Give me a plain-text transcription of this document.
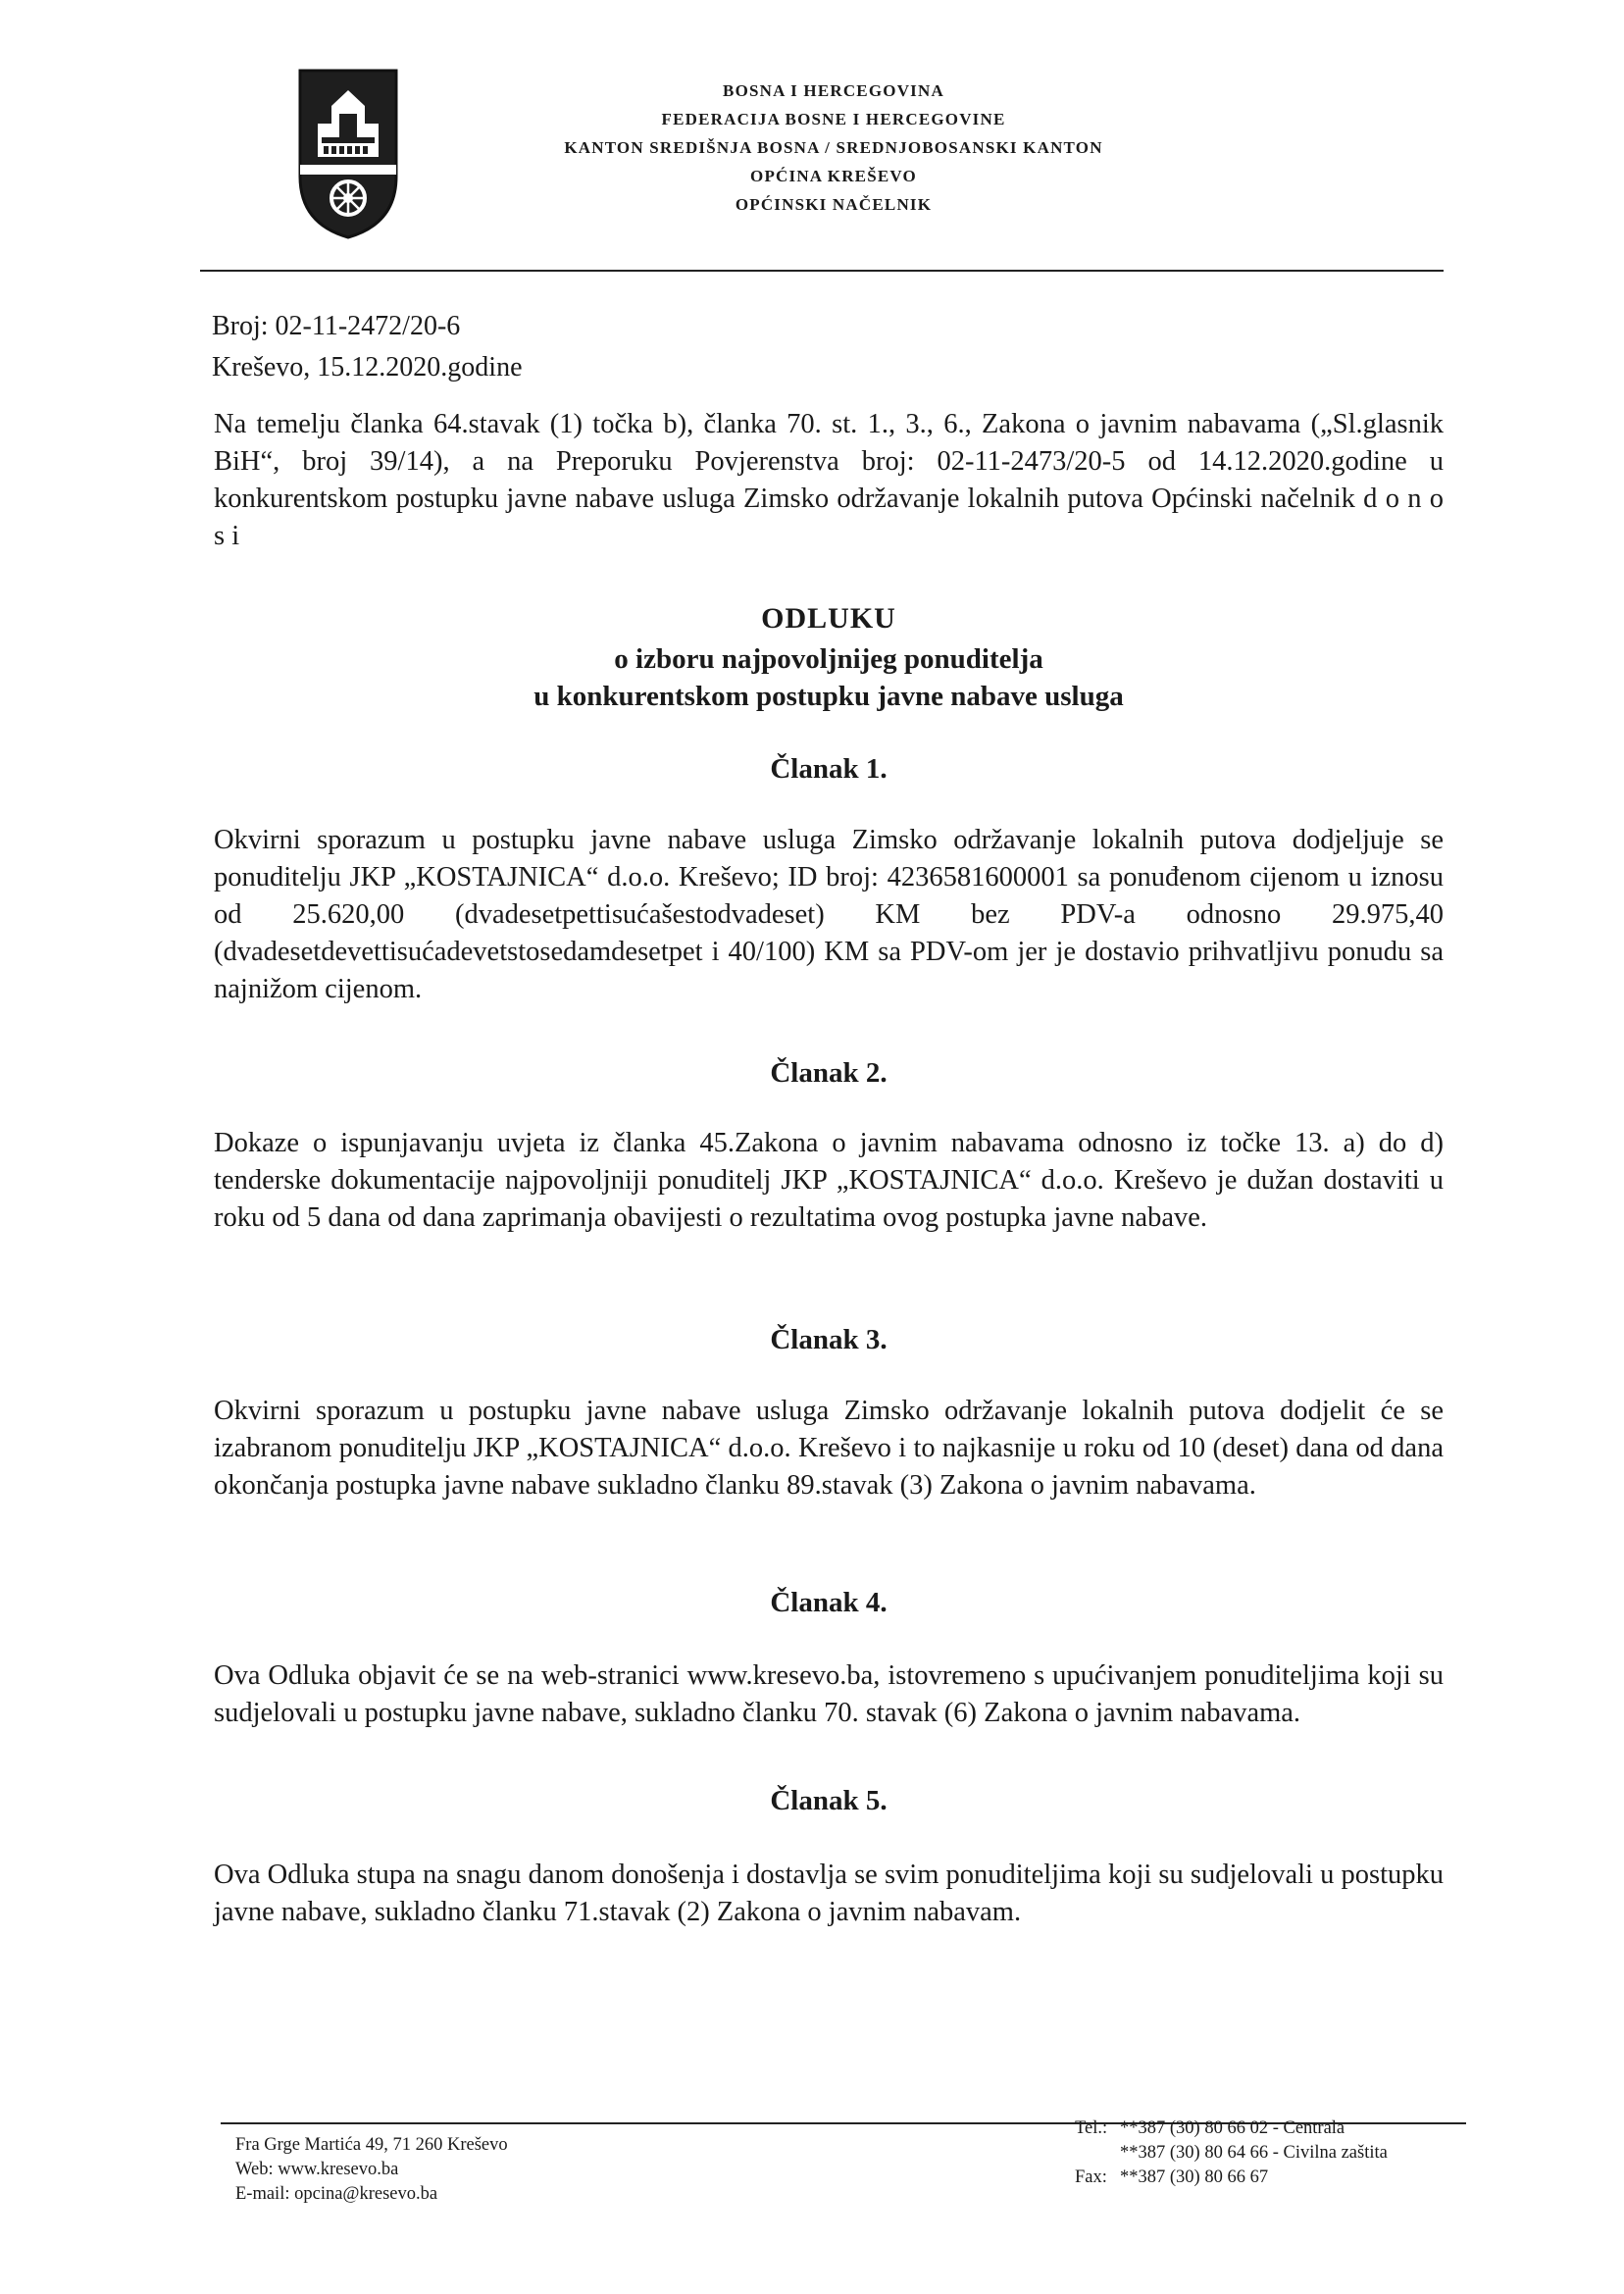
BOSNA I HERCEGOVINA
FEDERACIJA BOSNE I HERCEGOVINE
KANTON SREDIŠNJA BOSNA / SREDNJOBOSANSKI KANTON
OPĆINA KREŠEVO
OPĆINSKI NAČELNIK
Broj: 02-11-2472/20-6
Kreševo, 15.12.2020.godine

Na temelju članka 64.stavak (1) točka b), članka 70. st. 1., 3., 6., Zakona o javnim nabavama („Sl.glasnik BiH“, broj 39/14), a na Preporuku Povjerenstva broj: 02-11-2473/20-5 od 14.12.2020.godine u konkurentskom postupku javne nabave usluga Zimsko održavanje lokalnih putova Općinski načelnik d o n o s i

ODLUKU
o izboru najpovoljnijeg ponuditelja
u konkurentskom postupku javne nabave usluga
Članak 1.

Okvirni sporazum u postupku javne nabave usluga Zimsko održavanje lokalnih putova dodjeljuje se ponuditelju JKP „KOSTAJNICA“ d.o.o. Kreševo; ID broj: 4236581600001 sa ponuđenom cijenom u iznosu od 25.620,00 (dvadesetpettisućašestodvadeset) KM bez PDV-a odnosno 29.975,40 (dvadesetdevettisućadevetstosedamdesetpet i 40/100) KM sa PDV-om jer je dostavio prihvatljivu ponudu sa najnižom cijenom.

Članak 2.

Dokaze o ispunjavanju uvjeta iz članka 45.Zakona o javnim nabavama odnosno iz točke 13. a) do d) tenderske dokumentacije najpovoljniji ponuditelj JKP „KOSTAJNICA“ d.o.o. Kreševo je dužan dostaviti u roku od 5 dana od dana zaprimanja obavijesti o rezultatima ovog postupka javne nabave.

Članak 3.

Okvirni sporazum u postupku javne nabave usluga Zimsko održavanje lokalnih putova dodjelit će se izabranom ponuditelju JKP „KOSTAJNICA“ d.o.o. Kreševo i to najkasnije u roku od 10 (deset) dana od dana okončanja postupka javne nabave sukladno članku 89.stavak (3) Zakona o javnim nabavama.

Članak 4.

Ova Odluka objavit će se na web-stranici www.kresevo.ba, istovremeno s upućivanjem ponuditeljima koji su sudjelovali u postupku javne nabave, sukladno članku 70. stavak (6) Zakona o javnim nabavama.

Članak 5.

Ova Odluka stupa na snagu danom donošenja i dostavlja se svim ponuditeljima koji su sudjelovali u postupku javne nabave, sukladno članku 71.stavak (2) Zakona o javnim nabavam.

Fra Grge Martića 49, 71 260 Kreševo
Web: www.kresevo.ba
E-mail: opcina@kresevo.ba
Tel.: **387 (30) 80 66 02 - Centrala
**387 (30) 80 64 66 - Civilna zaštita
Fax: **387 (30) 80 66 67
